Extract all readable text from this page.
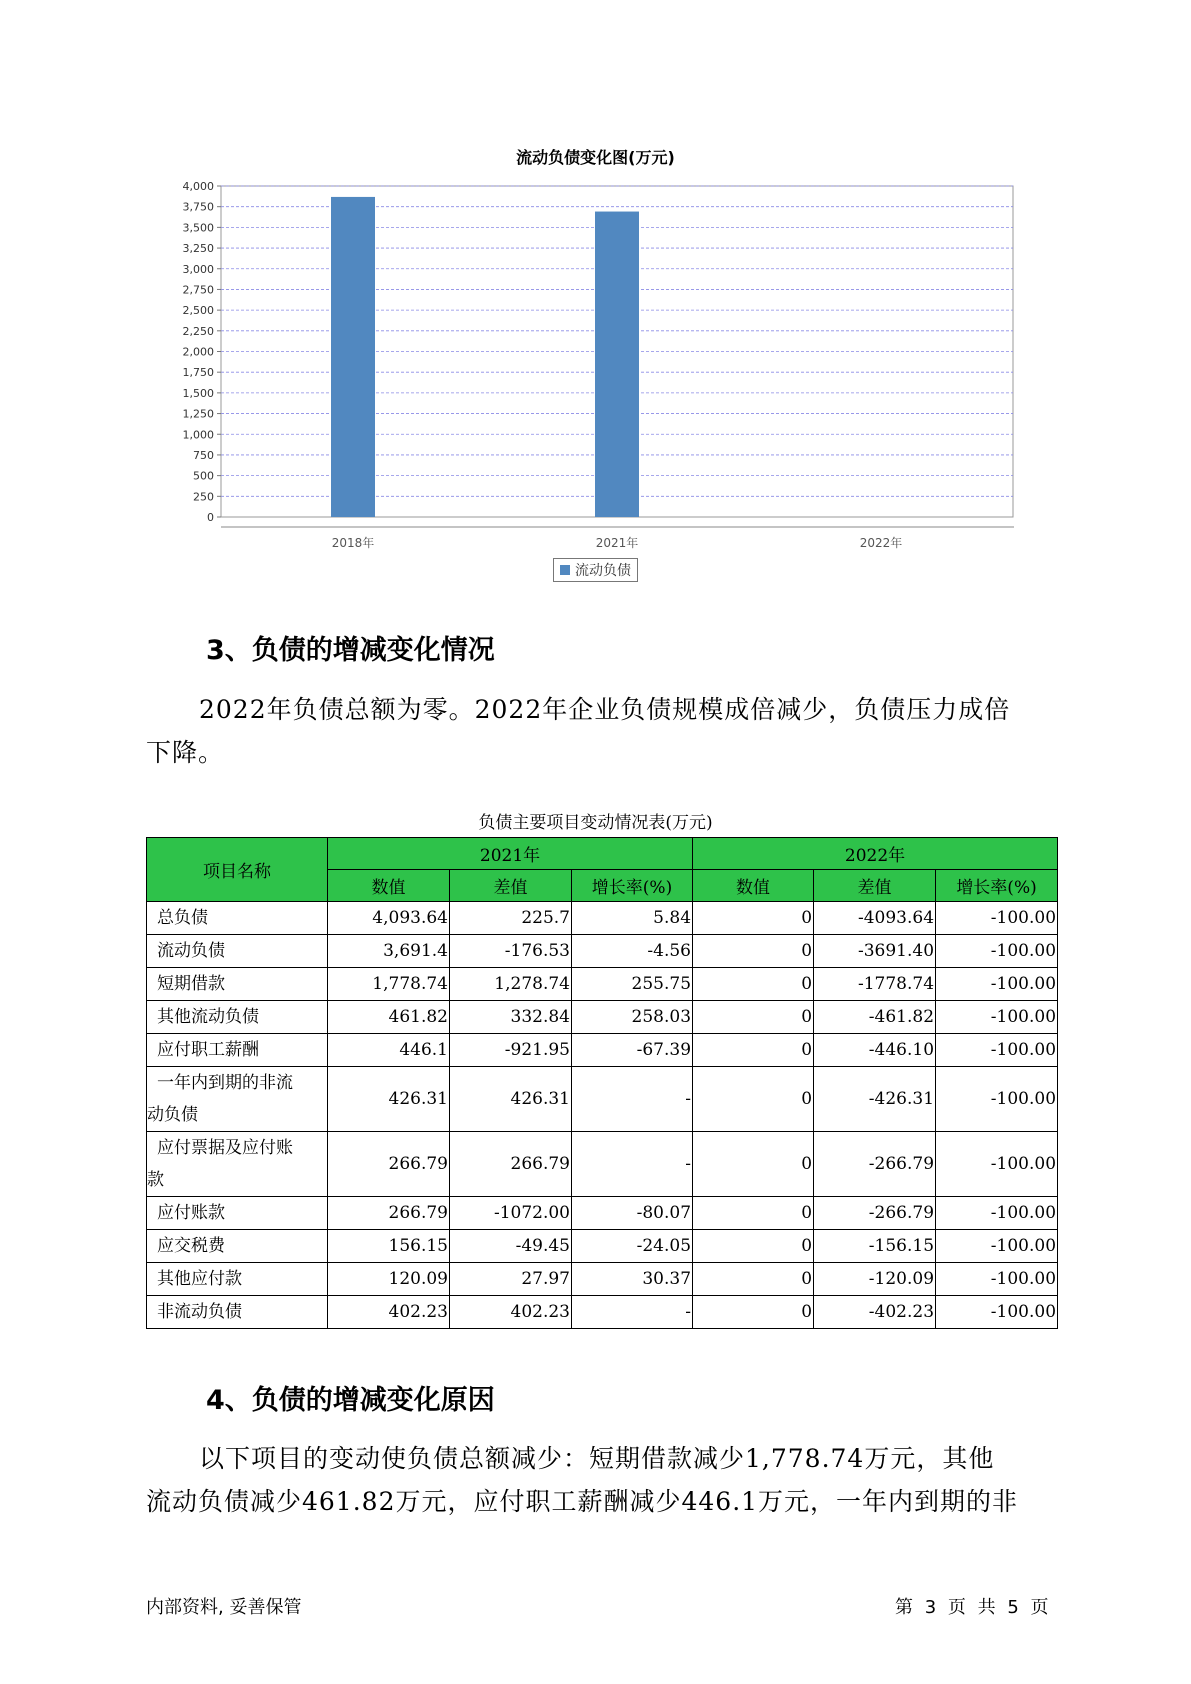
流动负债变化图(万元)
0
250
500
750
1,000
1,250
1,500
1,750
2,000
2,250
2,500
2,750
3,000
3,250
3,500
3,750
4,000
2018年	2021年	2022年
流动负债
3、负债的增减变化情况
2022年负债总额为零。2022年企业负债规模成倍减少，负债压力成倍
下降。
负债主要项目变动情况表(万元)
项目名称	2021年			2022年		
	数值	差值	增长率(%)	数值	差值	增长率(%)
总负债	4,093.64	225.7	5.84	0	-4093.64	-100.00
流动负债	3,691.4	-176.53	-4.56	0	-3691.40	-100.00
短期借款	1,778.74	1,278.74	255.75	0	-1778.74	-100.00
其他流动负债	461.82	332.84	258.03	0	-461.82	-100.00
应付职工薪酬	446.1	-921.95	-67.39	0	-446.10	-100.00

一年内到期的非流
动负债	426.31	426.31	-	0	-426.31	-100.00

应付票据及应付账
款	266.79	266.79	-	0	-266.79	-100.00
应付账款	266.79	-1072.00	-80.07	0	-266.79	-100.00
应交税费	156.15	-49.45	-24.05	0	-156.15	-100.00
其他应付款	120.09	27.97	30.37	0	-120.09	-100.00
非流动负债	402.23	402.23	-	0	-402.23	-100.00
4、负债的增减变化原因
以下项目的变动使负债总额减少：短期借款减少1,778.74万元，其他
流动负债减少461.82万元，应付职工薪酬减少446.1万元，一年内到期的非
内部资料, 妥善保管	第 3 页 共 5 页
